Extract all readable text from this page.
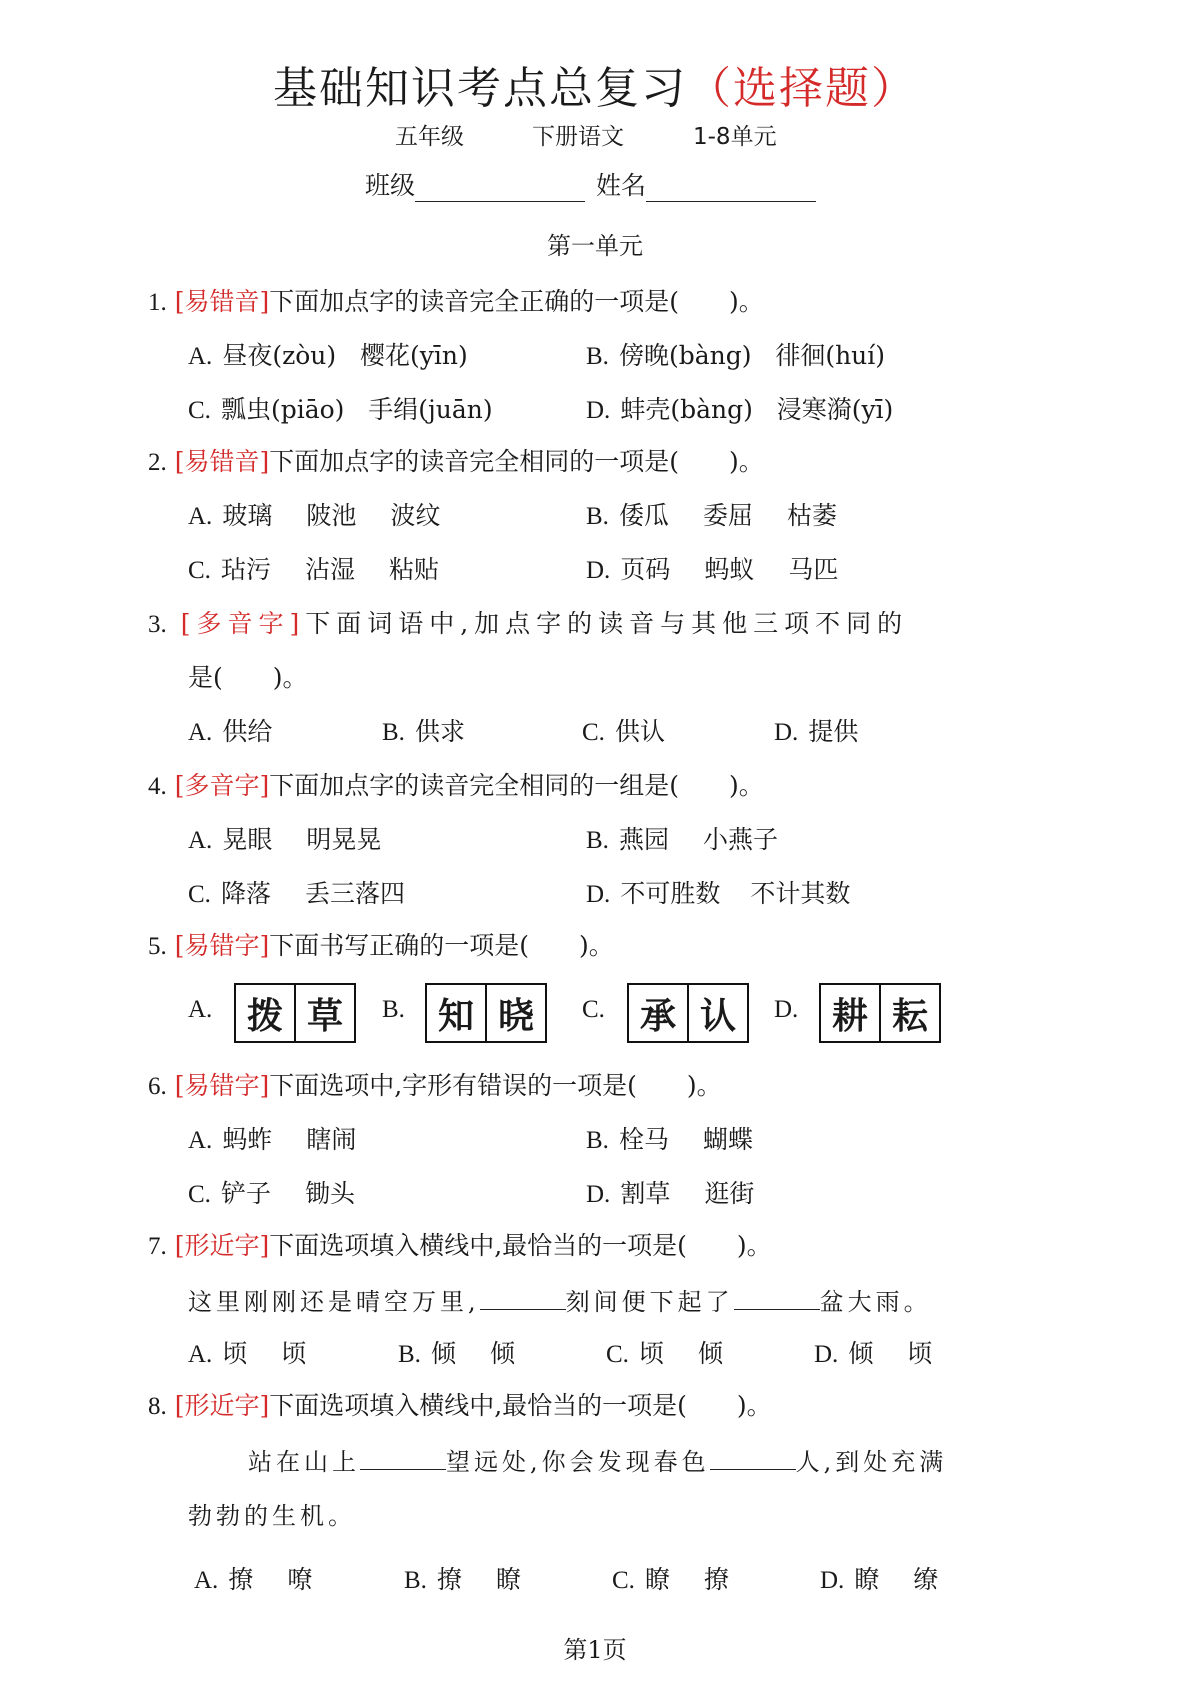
基础知识考点总复习（选择题）
五年级	下册语文	1-8单元
班级	姓名
第一单元
1. [易错音]下面加点字的读音完全正确的一项是(　　)。
A. 昼夜(zòu) 樱花(yīn)	B. 傍晚(bàng) 徘徊(huí)
C. 瓢虫(piāo) 手绢(juān)	D. 蚌壳(bàng) 浸寒漪(yī)
2. [易错音]下面加点字的读音完全相同的一项是(　　)。
A. 玻璃 陂池 波纹	B. 倭瓜 委屈 枯萎
C. 玷污 沾湿 粘贴	D. 页码 蚂蚁 马匹
3. [多音字]下面词语中,加点字的读音与其他三项不同的
是(　　)。
A. 供给	B. 供求	C. 供认	D. 提供
4. [多音字]下面加点字的读音完全相同的一组是(　　)。
A. 晃眼 明晃晃	B. 燕园 小燕子
C. 降落 丢三落四	D. 不可胜数 不计其数
5. [易错字]下面书写正确的一项是(　　)。
A. 拨 草	B. 知 晓	C. 承 认	D. 耕 耘
6. [易错字]下面选项中,字形有错误的一项是(　　)。
A. 蚂蚱 瞎闹	B. 栓马 蝴蝶
C. 铲子 锄头	D. 割草 逛街
7. [形近字]下面选项填入横线中,最恰当的一项是(　　)。
这里刚刚还是晴空万里,	刻间便下起了	盆大雨。
A. 顷 顷	B. 倾 倾	C. 顷 倾	D. 倾 顷
8. [形近字]下面选项填入横线中,最恰当的一项是(　　)。
站在山上	望远处,你会发现春色	人,到处充满
勃勃的生机。
A. 撩 嘹	B. 撩 瞭	C. 瞭 撩	D. 瞭 缭
第1页
